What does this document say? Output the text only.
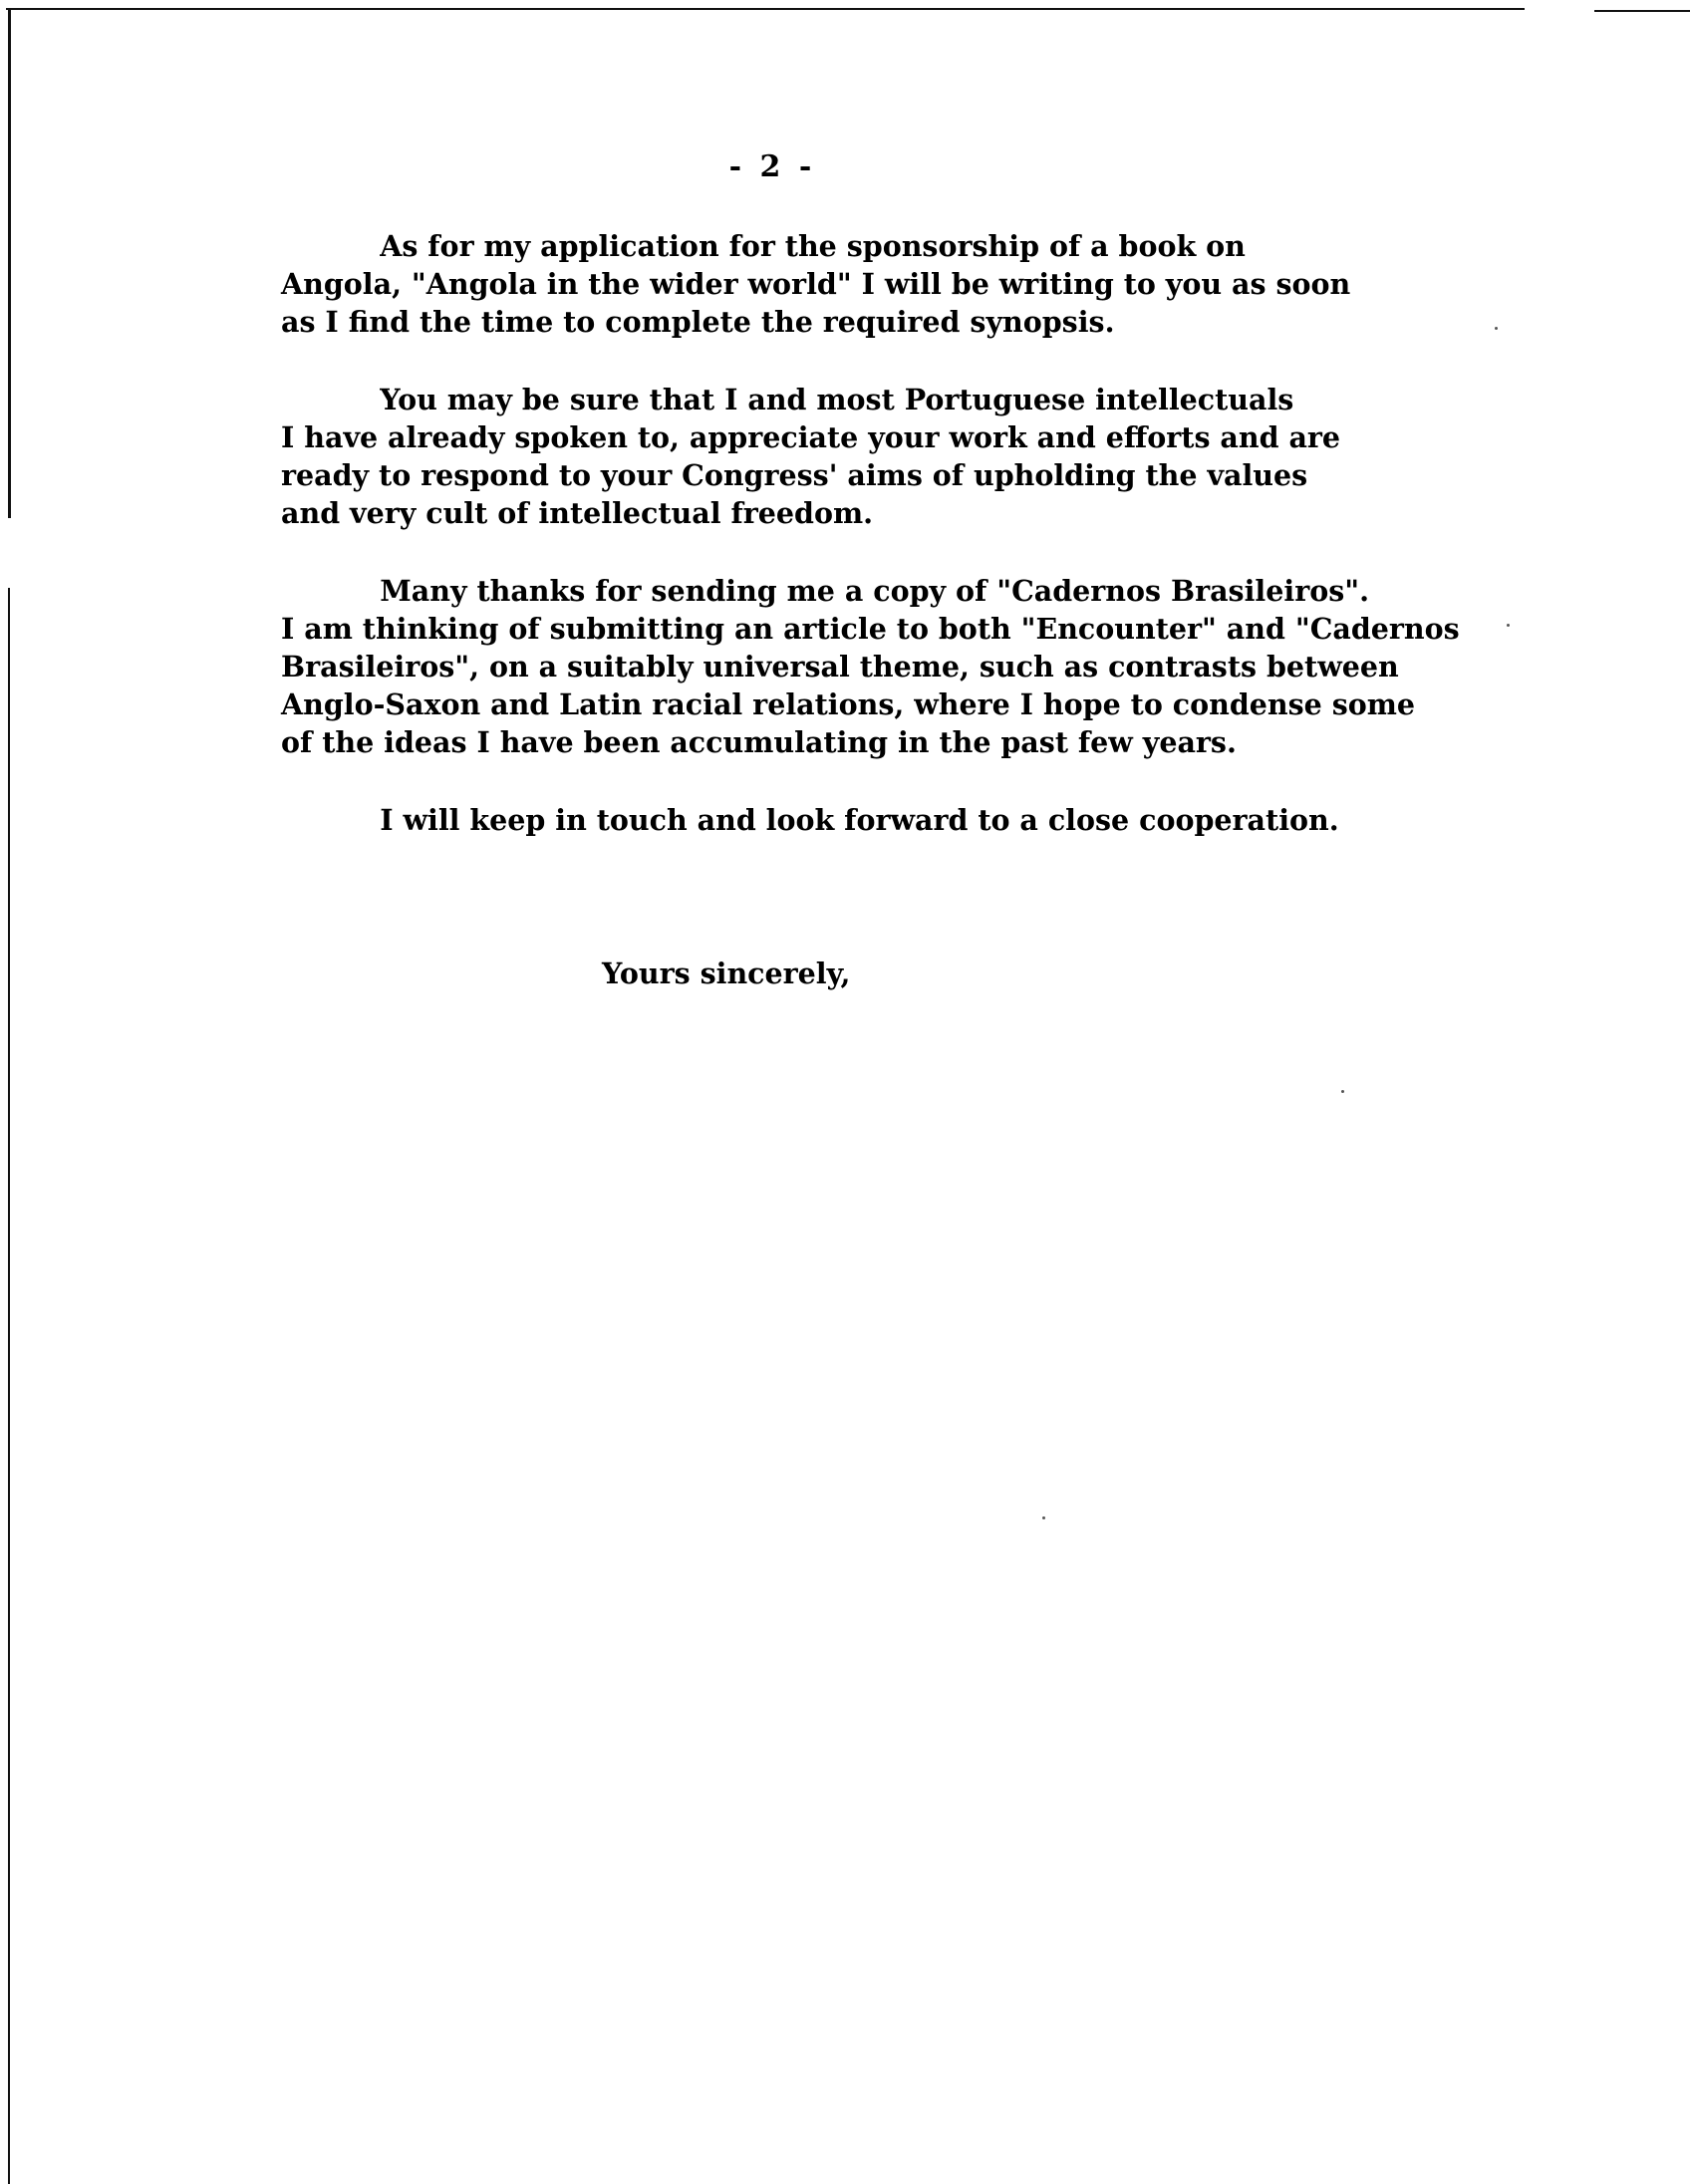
- 2 -

As for my application for the sponsorship of a book on
Angola, "Angola in the wider world" I will be writing to you as soon
as I find the time to complete the required synopsis.

You may be sure that I and most Portuguese intellectuals
I have already spoken to, appreciate your work and efforts and are
ready to respond to your Congress' aims of upholding the values
and very cult of intellectual freedom.

Many thanks for sending me a copy of "Cadernos Brasileiros".
I am thinking of submitting an article to both "Encounter" and "Cadernos
Brasileiros", on a suitably universal theme, such as contrasts between
Anglo-Saxon and Latin racial relations, where I hope to condense some
of the ideas I have been accumulating in the past few years.

I will keep in touch and look forward to a close cooperation.

Yours sincerely,
